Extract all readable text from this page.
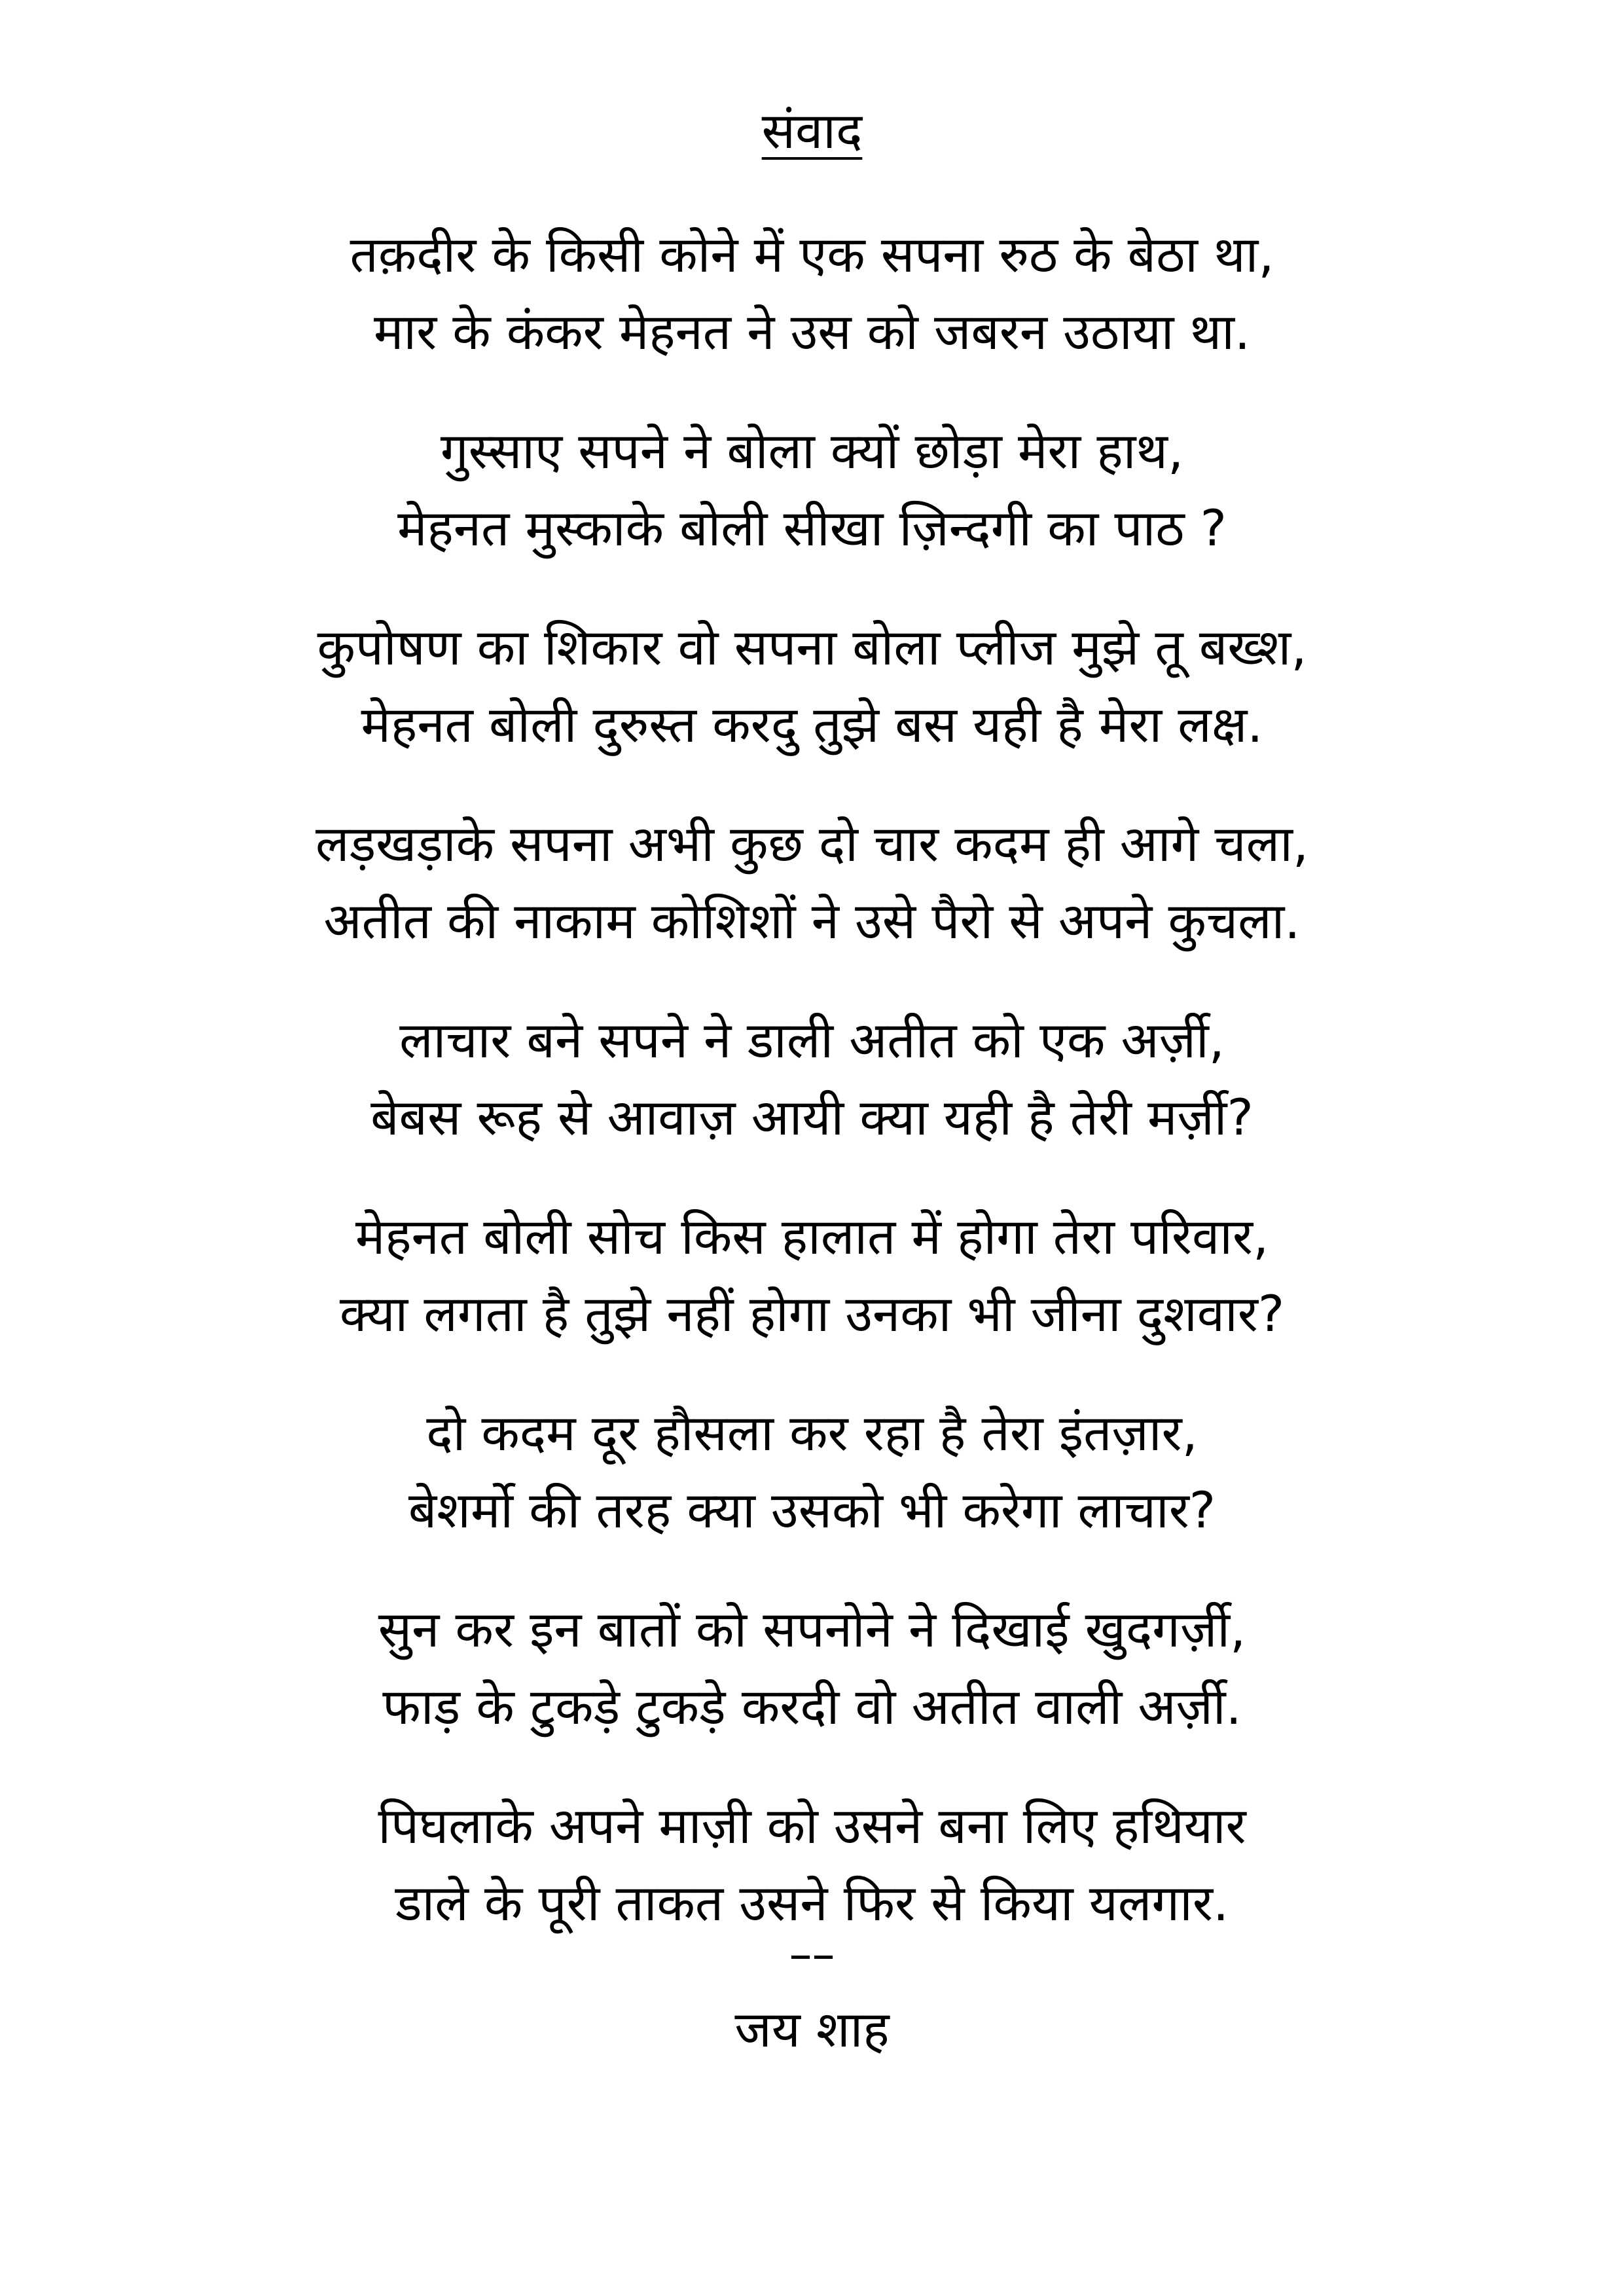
संवाद
तक़दीर के किसी कोने में एक सपना रुठ के बेठा था,
मार के कंकर मेहनत ने उस को जबरन उठाया था.
गुस्साए सपने ने बोला क्यों छोड़ा मेरा हाथ,
मेहनत मुस्काके बोली सीखा ज़िन्दगी का पाठ ?
कुपोषण का शिकार वो सपना बोला प्लीज मुझे तू बख्श,
मेहनत बोली दुरुस्त करदु तुझे बस यही है मेरा लक्ष.
लड़खड़ाके सपना अभी कुछ दो चार कदम ही आगे चला,
अतीत की नाकाम कोशिशों ने उसे पैरो से अपने कुचला.
लाचार बने सपने ने डाली अतीत को एक अर्ज़ी,
बेबस रूह से आवाज़ आयी क्या यही है तेरी मर्ज़ी?
मेहनत बोली सोच किस हालात में होगा तेरा परिवार,
क्या लगता है तुझे नहीं होगा उनका भी जीना दुशवार?
दो कदम दूर हौसला कर रहा है तेरा इंतज़ार,
बेशर्मो की तरह क्या उसको भी करेगा लाचार?
सुन कर इन बातों को सपनोने ने दिखाई खुदगर्ज़ी,
फाड़ के टुकड़े टुकड़े करदी वो अतीत वाली अर्ज़ी.
पिघलाके अपने माज़ी को उसने बना लिए हथियार
डाले के पूरी ताकत उसने फिर से किया यलगार.
––
जय शाह
